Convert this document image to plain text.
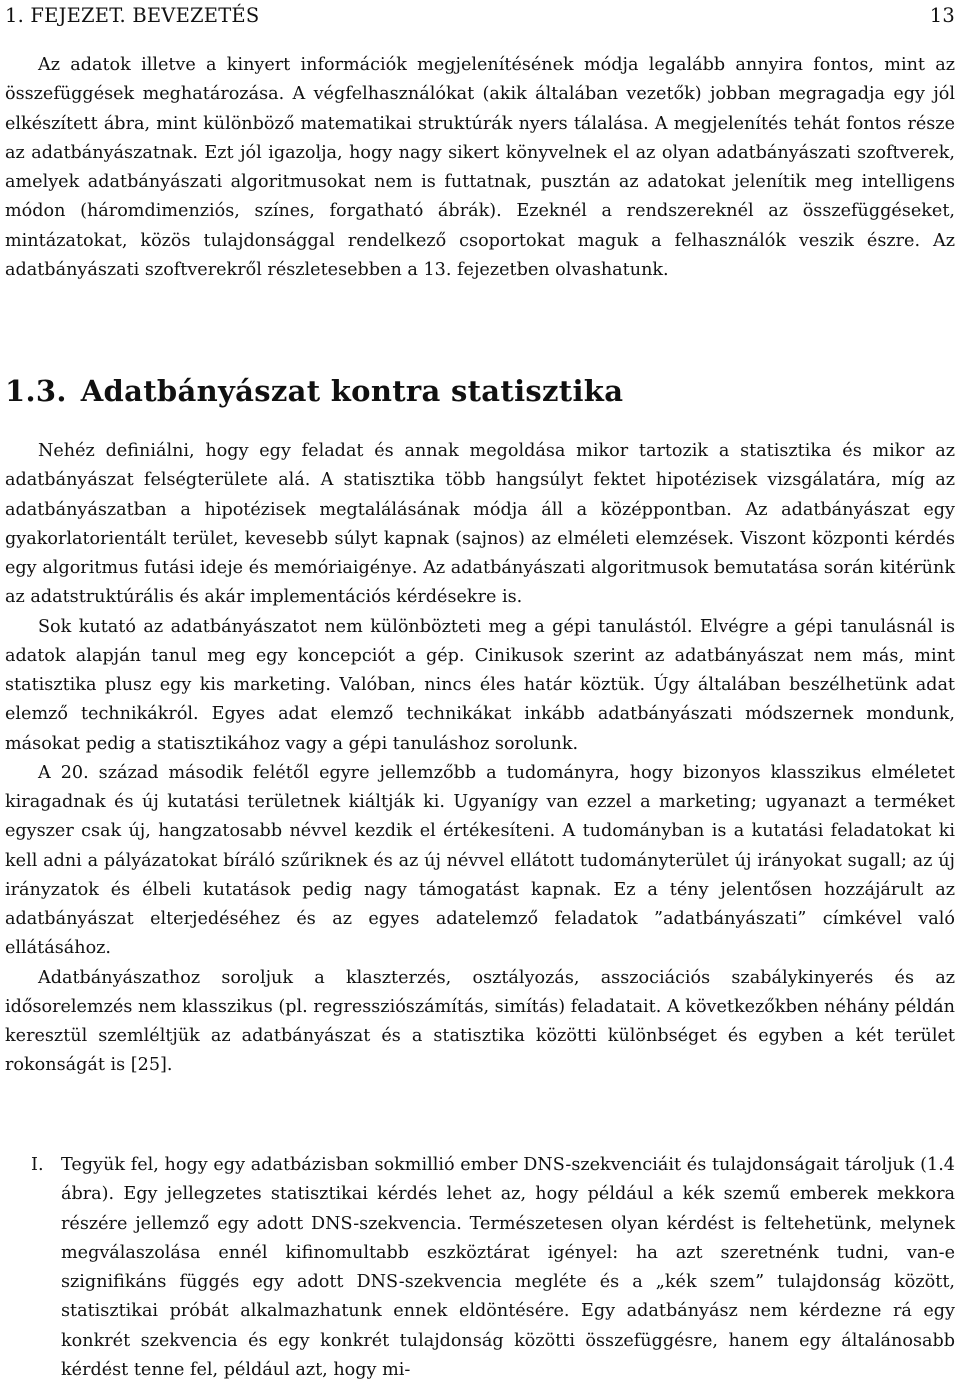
1. FEJEZET. BEVEZETÉS	13

Az adatok illetve a kinyert információk megjelenítésének módja legalább annyira fontos, mint az összefüggések meghatározása. A végfelhasználókat (akik általában vezetők) jobban megragadja egy jól elkészített ábra, mint különböző matematikai struktúrák nyers tálalása. A megjelenítés tehát fontos része az adatbányászatnak. Ezt jól igazolja, hogy nagy sikert könyvelnek el az olyan adatbányászati szoftverek, amelyek adatbányászati algoritmusokat nem is futtatnak, pusztán az adatokat jelenítik meg intelligens módon (háromdimenziós, színes, forgatható ábrák). Ezeknél a rendszereknél az összefüggéseket, mintázatokat, közös tulajdonsággal rendelkező csoportokat maguk a felhasználók veszik észre. Az adatbányászati szoftverekről részletesebben a 13. fejezetben olvashatunk.

1.3. Adatbányászat kontra statisztika

Nehéz definiálni, hogy egy feladat és annak megoldása mikor tartozik a statisztika és mikor az adatbányászat felségterülete alá. A statisztika több hangsúlyt fektet hipotézisek vizsgálatára, míg az adatbányászatban a hipotézisek megtalálásának módja áll a középpontban. Az adatbányászat egy gyakorlatorientált terület, kevesebb súlyt kapnak (sajnos) az elméleti elemzések. Viszont központi kérdés egy algoritmus futási ideje és memóriaigénye. Az adatbányászati algoritmusok bemutatása során kitérünk az adatstruktúrális és akár implementációs kérdésekre is.

Sok kutató az adatbányászatot nem különbözteti meg a gépi tanulástól. Elvégre a gépi tanulásnál is adatok alapján tanul meg egy koncepciót a gép. Cinikusok szerint az adatbányászat nem más, mint statisztika plusz egy kis marketing. Valóban, nincs éles határ köztük. Úgy általában beszélhetünk adat elemző technikákról. Egyes adat elemző technikákat inkább adatbányászati módszernek mondunk, másokat pedig a statisztikához vagy a gépi tanuláshoz sorolunk.

A 20. század második felétől egyre jellemzőbb a tudományra, hogy bizonyos klasszikus elméletet kiragadnak és új kutatási területnek kiáltják ki. Ugyanígy van ezzel a marketing; ugyanazt a terméket egyszer csak új, hangzatosabb névvel kezdik el értékesíteni. A tudományban is a kutatási feladatokat ki kell adni a pályázatokat bíráló szűriknek és az új névvel ellátott tudományterület új irányokat sugall; az új irányzatok és élbeli kutatások pedig nagy támogatást kapnak. Ez a tény jelentősen hozzájárult az adatbányászat elterjedéséhez és az egyes adatelemző feladatok ”adatbányászati” címkével való ellátásához.

Adatbányászathoz soroljuk a klaszterzés, osztályozás, asszociációs szabálykinyerés és az idősorelemzés nem klasszikus (pl. regressziószámítás, simítás) feladatait. A következőkben néhány példán keresztül szemléltjük az adatbányászat és a statisztika közötti különbséget és egyben a két terület rokonságát is [25].

I. Tegyük fel, hogy egy adatbázisban sokmillió ember DNS-szekvenciáit és tulajdonságait tároljuk (1.4 ábra). Egy jellegzetes statisztikai kérdés lehet az, hogy például a kék szemű emberek mekkora részére jellemző egy adott DNS-szekvencia. Természetesen olyan kérdést is feltehetünk, melynek megválaszolása ennél kifinomultabb eszköztárat igényel: ha azt szeretnénk tudni, van-e szignifikáns függés egy adott DNS-szekvencia megléte és a „kék szem” tulajdonság között, statisztikai próbát alkalmazhatunk ennek eldöntésére. Egy adatbányász nem kérdezne rá egy konkrét szekvencia és egy konkrét tulajdonság közötti összefüggésre, hanem egy általánosabb kérdést tenne fel, például azt, hogy mi-
